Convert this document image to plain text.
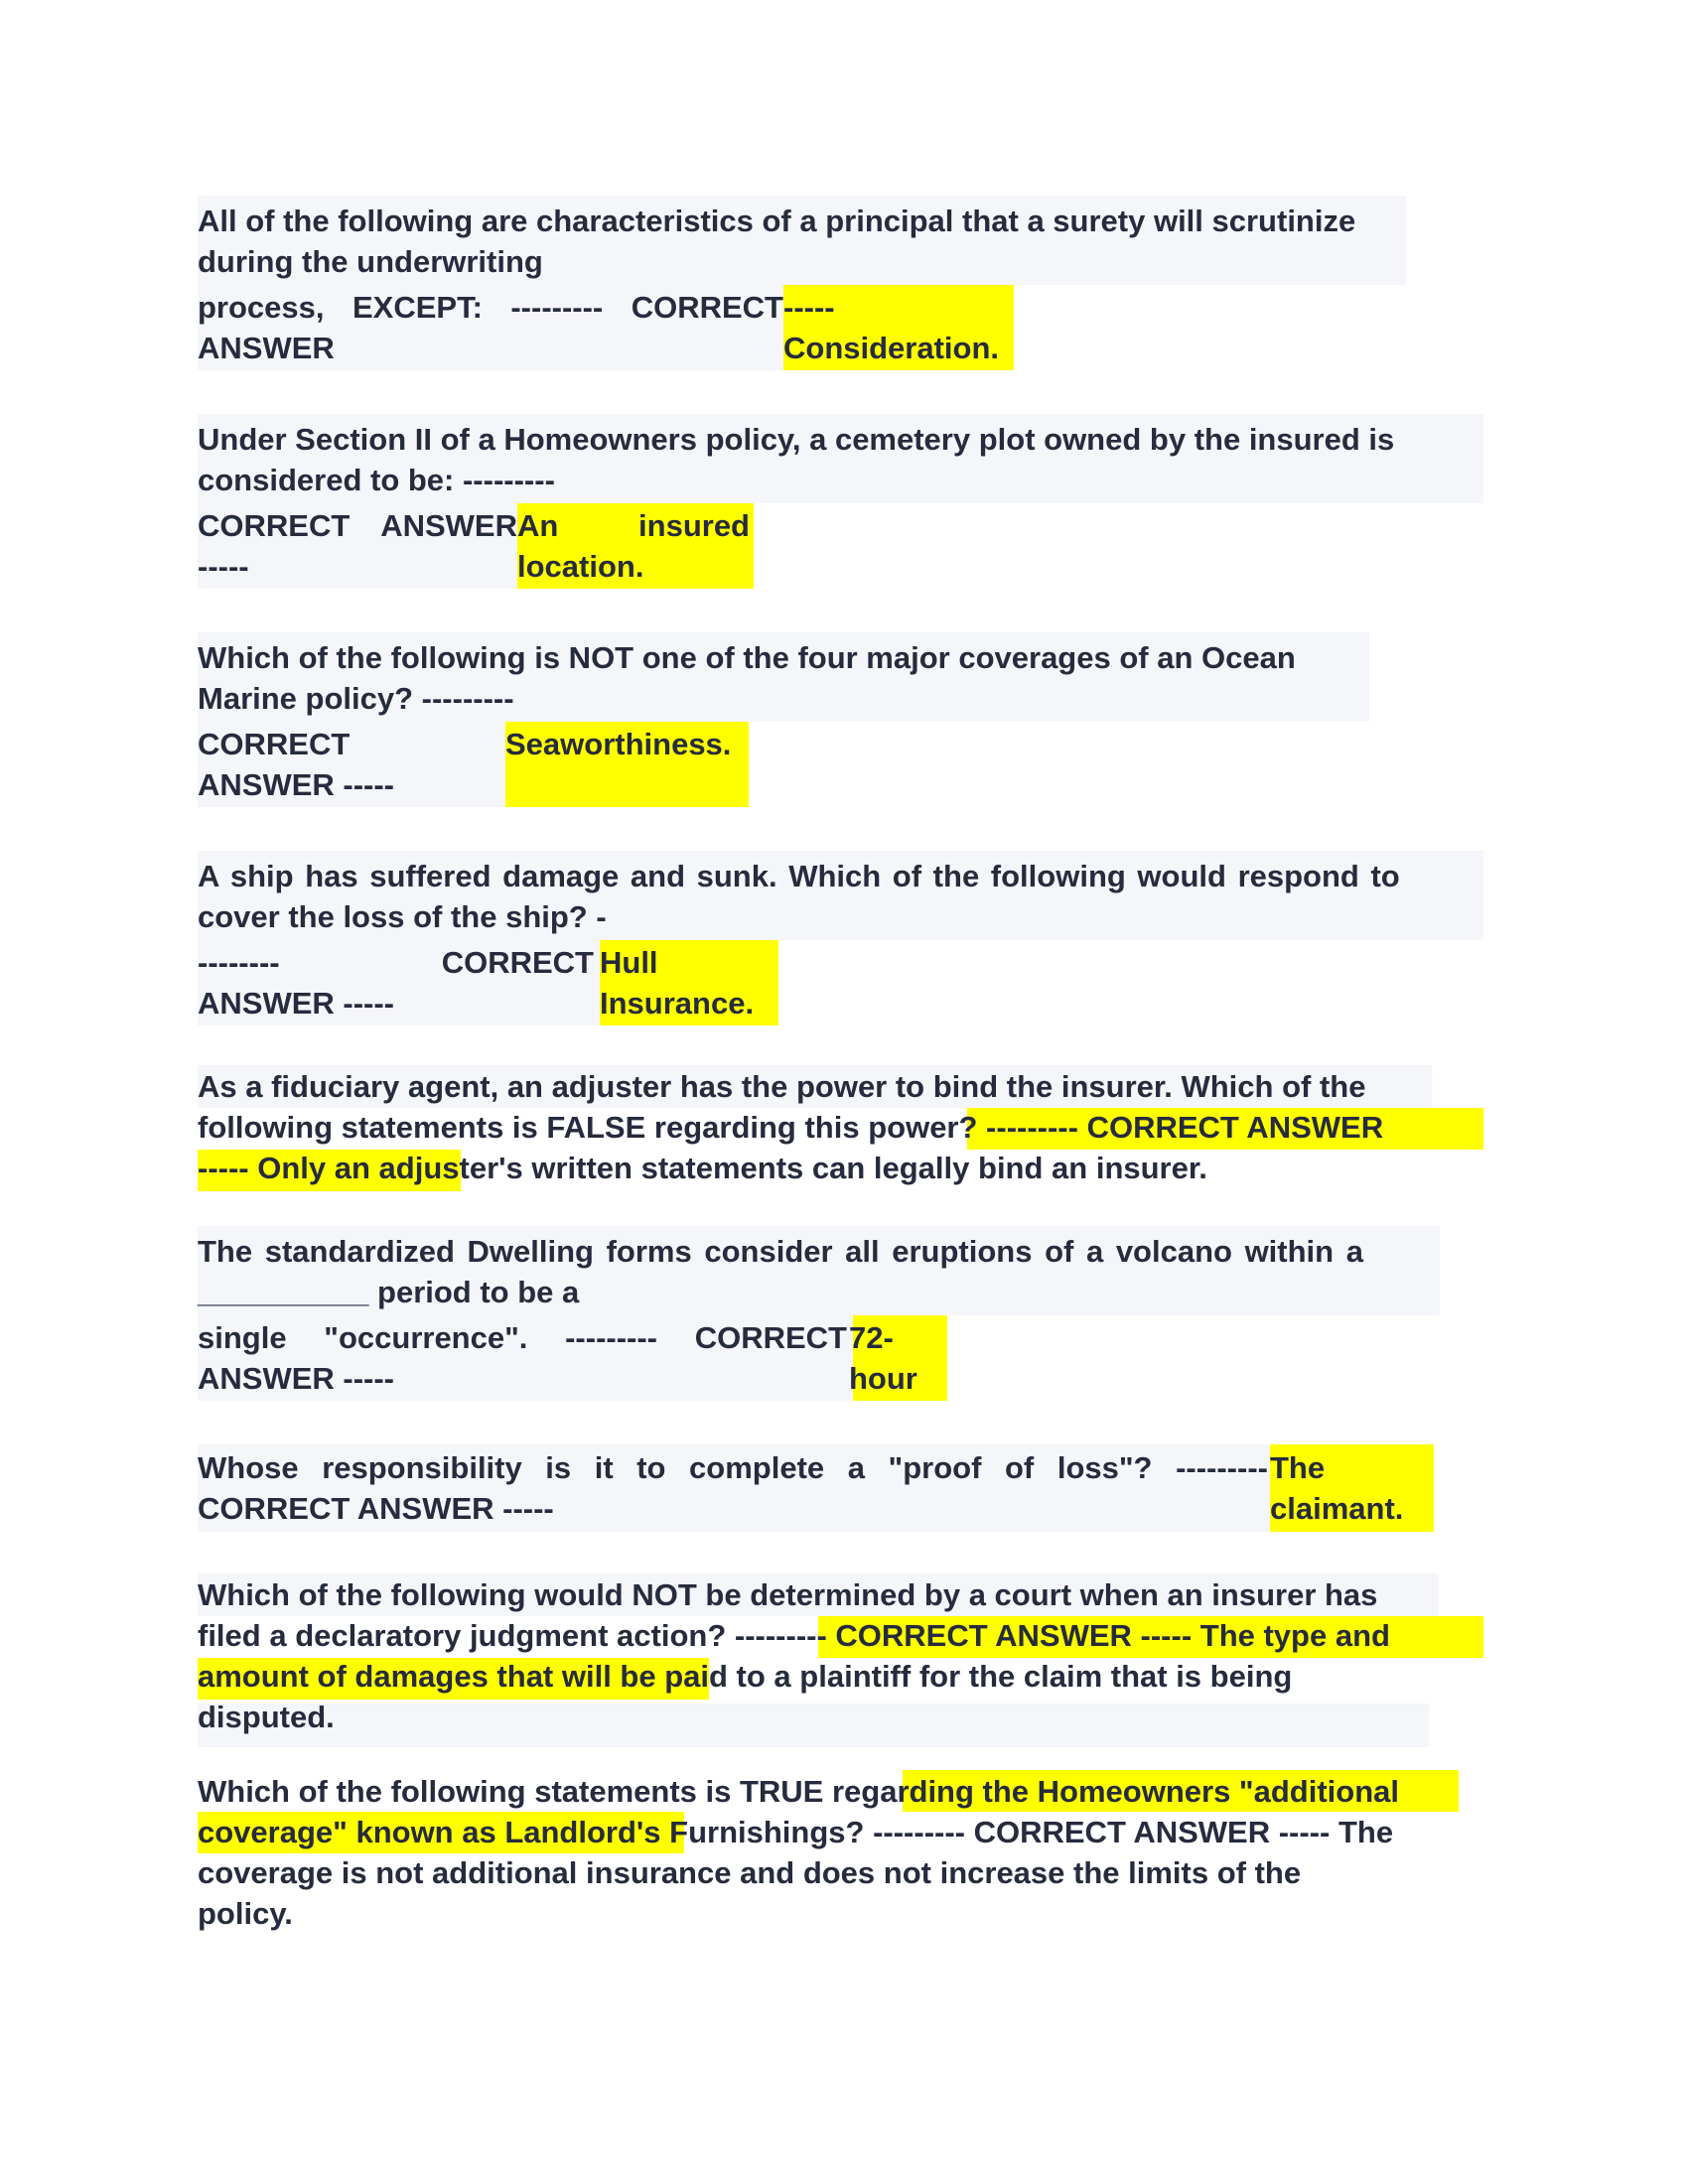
All of the following are characteristics of a principal that a surety will scrutinize
during the underwriting
process, EXCEPT: --------- CORRECT -----
ANSWER	Consideration.
Under Section II of a Homeowners policy, a cemetery plot owned by the insured is
considered to be: ---------
CORRECT ANSWER An	insured
-----	location.
Which of the following is NOT one of the four major coverages of an Ocean
Marine policy? ---------
CORRECT	Seaworthiness.
ANSWER -----
A ship has suffered damage and sunk. Which of the following would respond to
cover the loss of the ship? -
--------	CORRECT Hull
ANSWER -----	Insurance.
As a fiduciary agent, an adjuster has the power to bind the insurer. Which of the
following statements is FALSE regarding this power? --------- CORRECT ANSWER
----- Only an adjuster's written statements can legally bind an insurer.
The standardized Dwelling forms consider all eruptions of a volcano within a
__________ period to be a
single "occurrence". --------- CORRECT 72-
ANSWER -----	hour
Whose responsibility is it to complete a "proof of loss"? --------- The
CORRECT ANSWER -----	claimant.
Which of the following would NOT be determined by a court when an insurer has
filed a declaratory judgment action? --------- CORRECT ANSWER ----- The type and
amount of damages that will be paid to a plaintiff for the claim that is being
disputed.
Which of the following statements is TRUE regarding the Homeowners "additional
coverage" known as Landlord's Furnishings? --------- CORRECT ANSWER ----- The
coverage is not additional insurance and does not increase the limits of the
policy.
